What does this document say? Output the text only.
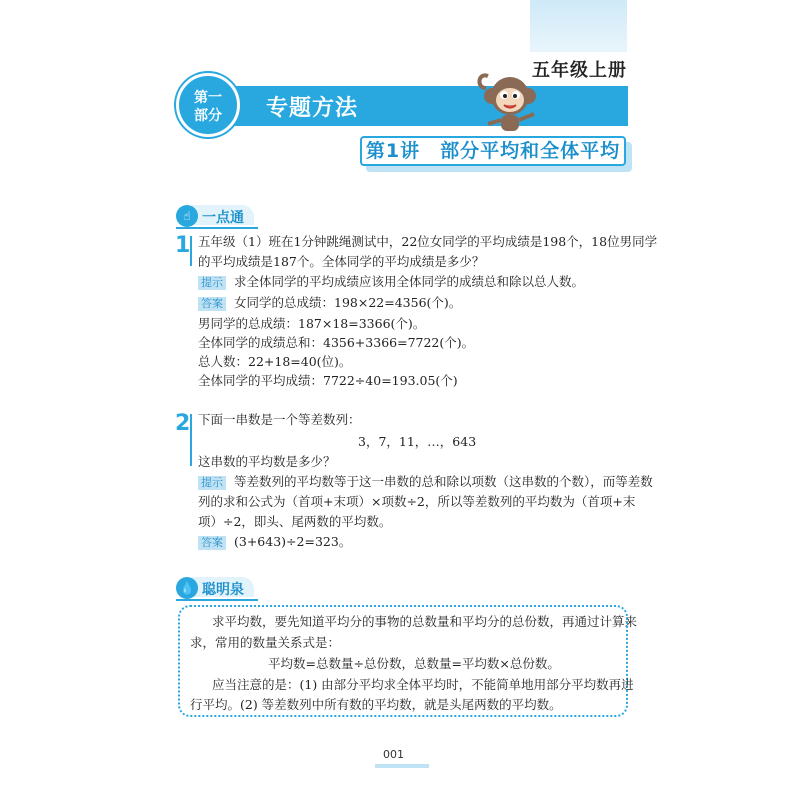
五年级上册
第一
部分	专题方法
第1讲　部分平均和全体平均
☝ 一点通
1 五年级（1）班在1分钟跳绳测试中，22位女同学的平均成绩是198个，18位男同学
的平均成绩是187个。全体同学的平均成绩是多少？
提示 求全体同学的平均成绩应该用全体同学的成绩总和除以总人数。
答案 女同学的总成绩：198×22=4356(个)。
男同学的总成绩：187×18=3366(个)。
全体同学的成绩总和：4356+3366=7722(个)。
总人数：22+18=40(位)。
全体同学的平均成绩：7722÷40=193.05(个)
2 下面一串数是一个等差数列：
3，7，11，…，643
这串数的平均数是多少？
提示 等差数列的平均数等于这一串数的总和除以项数（这串数的个数），而等差数
列的求和公式为（首项+末项）×项数÷2，所以等差数列的平均数为（首项+末
项）÷2，即头、尾两数的平均数。
答案 (3+643)÷2=323。
💧 聪明泉
求平均数，要先知道平均分的事物的总数量和平均分的总份数，再通过计算来
求，常用的数量关系式是：
平均数=总数量÷总份数，总数量=平均数×总份数。
应当注意的是：(1) 由部分平均求全体平均时，不能简单地用部分平均数再进
行平均。(2) 等差数列中所有数的平均数，就是头尾两数的平均数。
001
